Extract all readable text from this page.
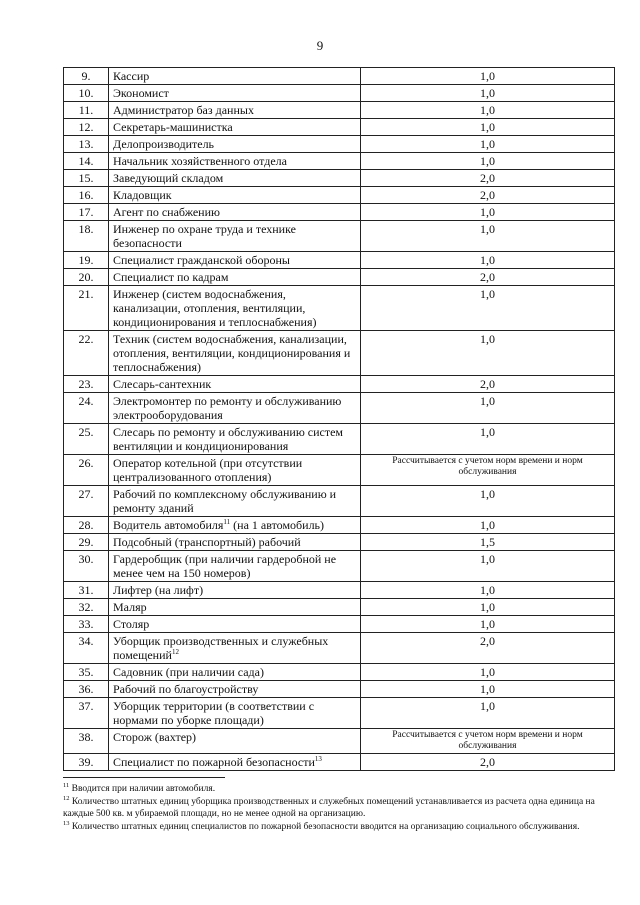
9
9.	Кассир	1,0
10.	Экономист	1,0
11.	Администратор баз данных	1,0
12.	Секретарь-машинистка	1,0
13.	Делопроизводитель	1,0
14.	Начальник хозяйственного отдела	1,0
15.	Заведующий складом	2,0
16.	Кладовщик	2,0
17.	Агент по снабжению	1,0
18.	Инженер по охране труда и технике безопасности	1,0
19.	Специалист гражданской обороны	1,0
20.	Специалист по кадрам	2,0
21.	Инженер (систем водоснабжения, канализации, отопления, вентиляции, кондиционирования и теплоснабжения)	1,0
22.	Техник (систем водоснабжения, канализации, отопления, вентиляции, кондиционирования и теплоснабжения)	1,0
23.	Слесарь-сантехник	2,0
24.	Электромонтер по ремонту и обслуживанию электрооборудования	1,0
25.	Слесарь по ремонту и обслуживанию систем вентиляции и кондиционирования	1,0
26.	Оператор котельной (при отсутствии централизованного отопления)	Рассчитывается с учетом норм времени и норм обслуживания
27.	Рабочий по комплексному обслуживанию и ремонту зданий	1,0
28.	Водитель автомобиля$^{11}$ (на 1 автомобиль)	1,0
29.	Подсобный (транспортный) рабочий	1,5
30.	Гардеробщик (при наличии гардеробной не менее чем на 150 номеров)	1,0
31.	Лифтер (на лифт)	1,0
32.	Маляр	1,0
33.	Столяр	1,0
34.	Уборщик производственных и служебных помещений$^{12}$	2,0
35.	Садовник (при наличии сада)	1,0
36.	Рабочий по благоустройству	1,0
37.	Уборщик территории (в соответствии с нормами по уборке площади)	1,0
38.	Сторож (вахтер)	Рассчитывается с учетом норм времени и норм обслуживания
39.	Специалист по пожарной безопасности$^{13}$	2,0

$^{11}$ Вводится при наличии автомобиля.

$^{12}$ Количество штатных единиц уборщика производственных и служебных помещений устанавливается из расчета одна единица на каждые 500 кв. м убираемой площади, но не менее одной на организацию.

$^{13}$ Количество штатных единиц специалистов по пожарной безопасности вводится на организацию социального обслуживания.
